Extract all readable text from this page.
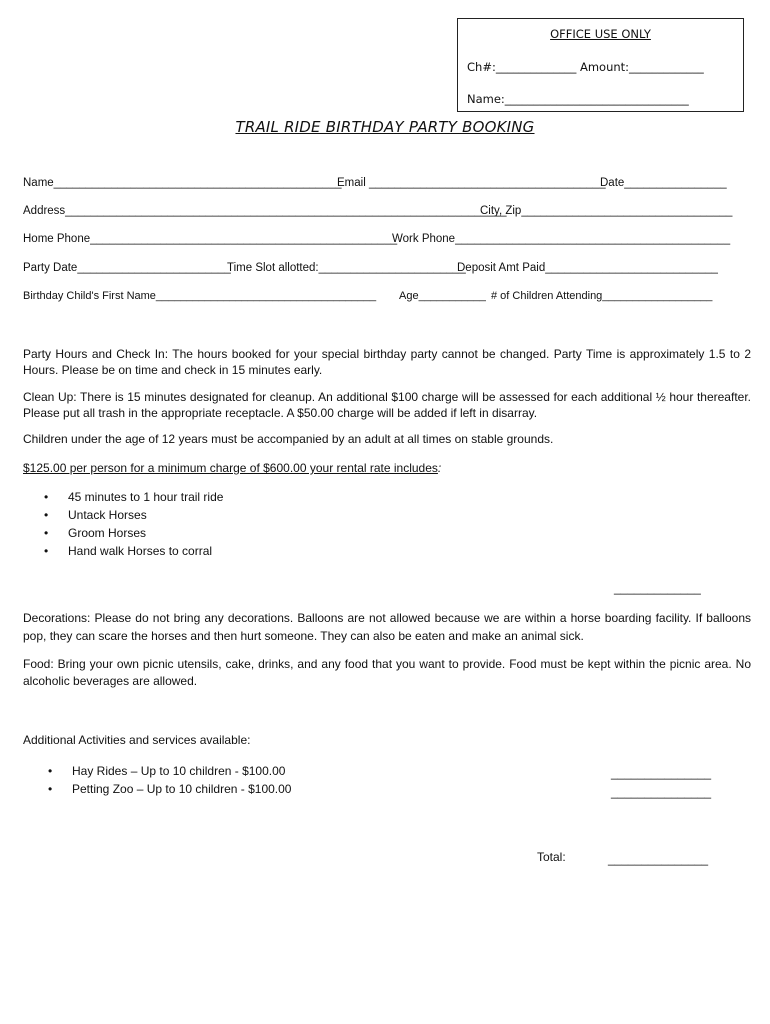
OFFICE USE ONLY
Ch#:______________ Amount:_____________
Name:________________________________
TRAIL RIDE BIRTHDAY PARTY BOOKING
Name_____________________________________________
Email _____________________________________
Date________________
Address_____________________________________________________________________
City, Zip_________________________________
Home Phone________________________________________________
Work Phone___________________________________________
Party Date________________________
Time Slot allotted:_______________________
Deposit Amt Paid___________________________
Birthday Child's First Name____________________________________ Age___________ # of Children Attending__________________
Party Hours and Check In: The hours booked for your special birthday party cannot be changed. Party Time is approximately 1.5 to 2 Hours. Please be on time and check in 15 minutes early.
Clean Up: There is 15 minutes designated for cleanup. An additional $100 charge will be assessed for each additional ½ hour thereafter. Please put all trash in the appropriate receptacle. A $50.00 charge will be added if left in disarray.
Children under the age of 12 years must be accompanied by an adult at all times on stable grounds.
$125.00 per person for a minimum charge of $600.00 your rental rate includes:
• 45 minutes to 1 hour trail ride
• Untack Horses
• Groom Horses
• Hand walk Horses to corral
_____________
Decorations: Please do not bring any decorations. Balloons are not allowed because we are within a horse boarding facility. If balloons pop, they can scare the horses and then hurt someone. They can also be eaten and make an animal sick.
Food: Bring your own picnic utensils, cake, drinks, and any food that you want to provide. Food must be kept within the picnic area. No alcoholic beverages are allowed.
Additional Activities and services available:
• Hay Rides – Up to 10 children - $100.00
• Petting Zoo – Up to 10 children - $100.00
_______________
_______________
Total:	_______________
